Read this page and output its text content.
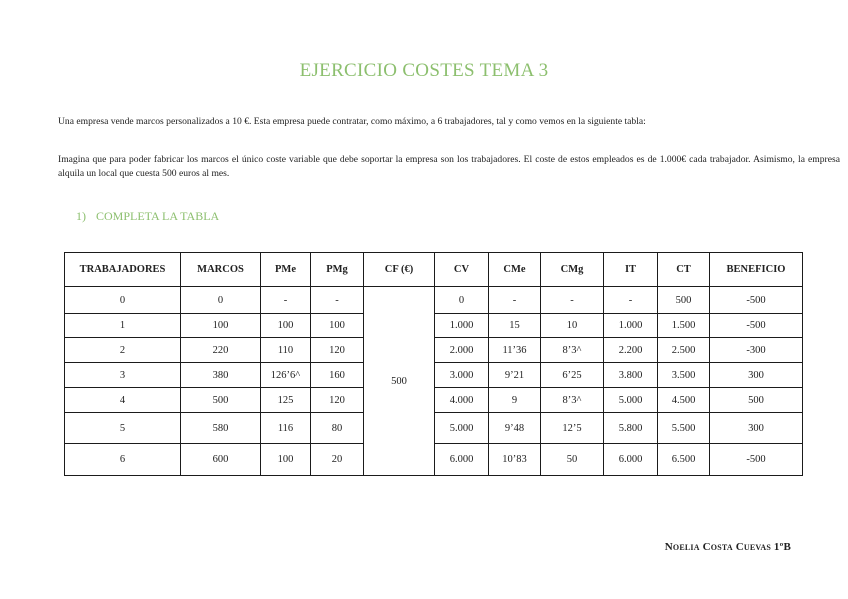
EJERCICIO COSTES TEMA 3
Una empresa vende marcos personalizados a 10 €. Esta empresa puede contratar, como máximo, a 6 trabajadores, tal y como vemos en la siguiente tabla:
Imagina que para poder fabricar los marcos el único coste variable que debe soportar la empresa son los trabajadores. El coste de estos empleados es de 1.000€ cada trabajador. Asimismo, la empresa alquila un local que cuesta 500 euros al mes.
1) COMPLETA LA TABLA
TRABAJADORES	MARCOS	PMe	PMg	CF (€)	CV	CMe	CMg	IT	CT	BENEFICIO
0	0	-	-	500	0	-	-	-	500	-500
1	100	100	100		1.000	15	10	1.000	1.500	-500
2	220	110	120		2.000	11’36	8’3^	2.200	2.500	-300
3	380	126’6^	160		3.000	9’21	6’25	3.800	3.500	300
4	500	125	120		4.000	9	8’3^	5.000	4.500	500
5	580	116	80		5.000	9’48	12’5	5.800	5.500	300
6	600	100	20		6.000	10’83	50	6.000	6.500	-500
Noelia Costa Cuevas 1ºB
